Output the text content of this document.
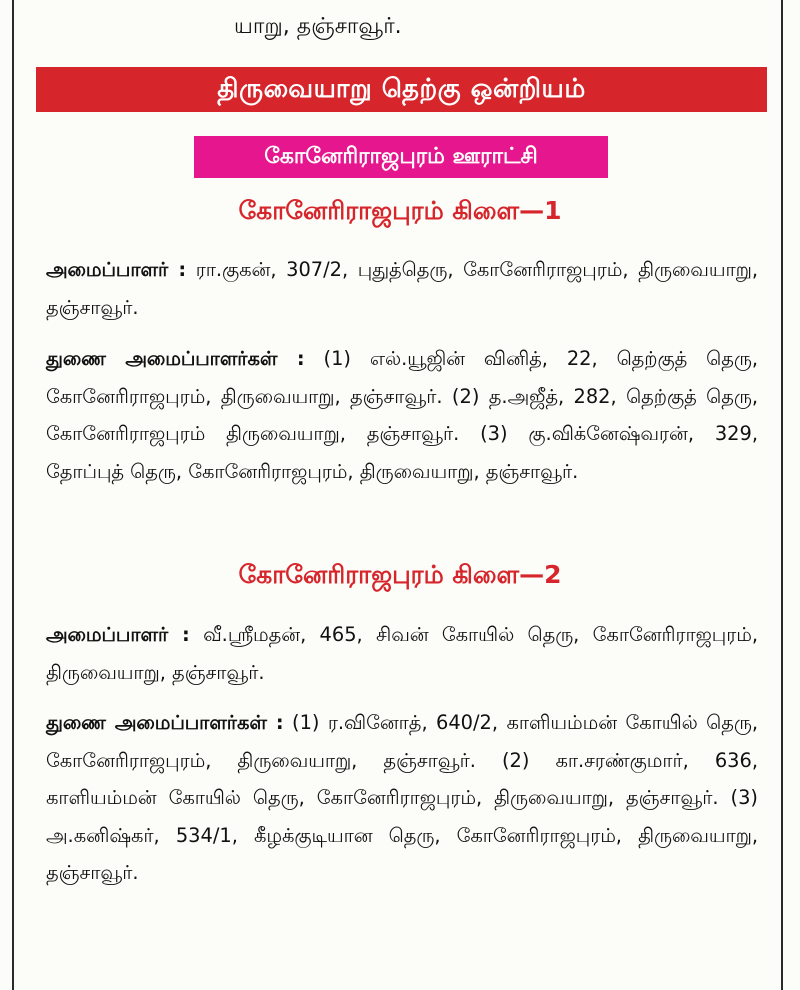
யாறு, தஞ்சாவூர்.
திருவையாறு தெற்கு ஒன்றியம்
கோனேரிராஜபுரம் ஊராட்சி
கோனேரிராஜபுரம் கிளை—1
அமைப்பாளர் : ரா.குகன், 307/2, புதுத்தெரு, கோனேரிராஜபுரம், திருவையாறு, தஞ்சாவூர்.
துணை அமைப்பாளர்கள் : (1) எல்.யூஜின் வினித், 22, தெற்குத் தெரு, கோனேரிராஜபுரம், திருவையாறு, தஞ்சாவூர். (2) த.அஜீத், 282, தெற்குத் தெரு, கோனேரிராஜபுரம் திருவையாறு, தஞ்சாவூர். (3) கு.விக்னேஷ்வரன், 329, தோப்புத் தெரு, கோனேரிராஜபுரம், திருவையாறு, தஞ்சாவூர்.
கோனேரிராஜபுரம் கிளை—2
அமைப்பாளர் : வீ.ஸ்ரீமதன், 465, சிவன் கோயில் தெரு, கோனேரிராஜபுரம், திருவையாறு, தஞ்சாவூர்.
துணை அமைப்பாளர்கள் : (1) ர.வினோத், 640/2, காளியம்மன் கோயில் தெரு, கோனேரிராஜபுரம், திருவையாறு, தஞ்சாவூர். (2) கா.சரண்குமார், 636, காளியம்மன் கோயில் தெரு, கோனேரிராஜபுரம், திருவையாறு, தஞ்சாவூர். (3) அ.கனிஷ்கர், 534/1, கீழக்குடியான தெரு, கோனேரிராஜபுரம், திருவையாறு, தஞ்சாவூர்.
